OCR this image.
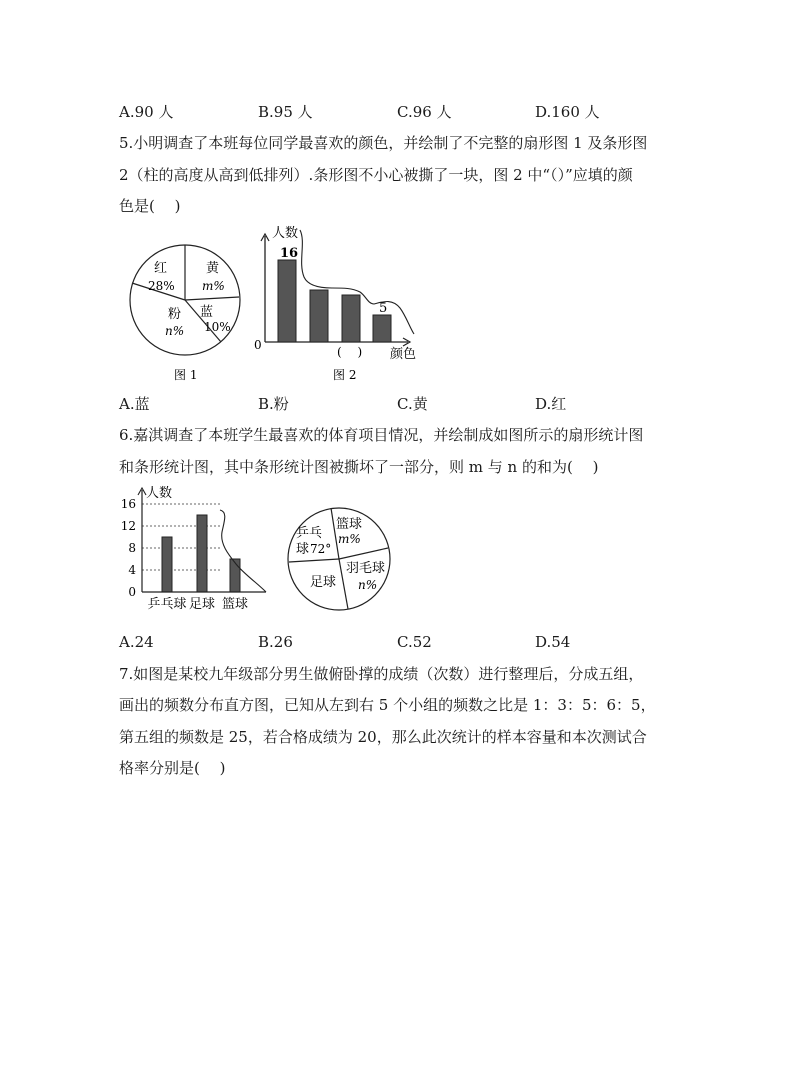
A.90 人	B.95 人	C.96 人	D.160 人
5.小明调查了本班每位同学最喜欢的颜色，并绘制了不完整的扇形图 1 及条形图
2（柱的高度从高到低排列）.条形图不小心被撕了一块，图 2 中“（）”应填的颜
色是(　 )
红
28%
黄
m%
蓝
10%
粉
n%
图 1
人数
0
16
5
(　 ) 颜色
图 2
A.蓝	B.粉	C.黄	D.红
6.嘉淇调查了本班学生最喜欢的体育项目情况，并绘制成如图所示的扇形统计图
和条形统计图，其中条形统计图被撕坏了一部分，则 m 与 n 的和为(　 )
人数
0
4
8
12
16
乒乓球 足球 篮球
篮球
m%
羽毛球
n%
足球
乒乓球 72°
A.24	B.26	C.52	D.54
7.如图是某校九年级部分男生做俯卧撑的成绩（次数）进行整理后，分成五组，
画出的频数分布直方图，已知从左到右 5 个小组的频数之比是 1：3：5：6：5，
第五组的频数是 25，若合格成绩为 20，那么此次统计的样本容量和本次测试合
格率分别是(　 )
